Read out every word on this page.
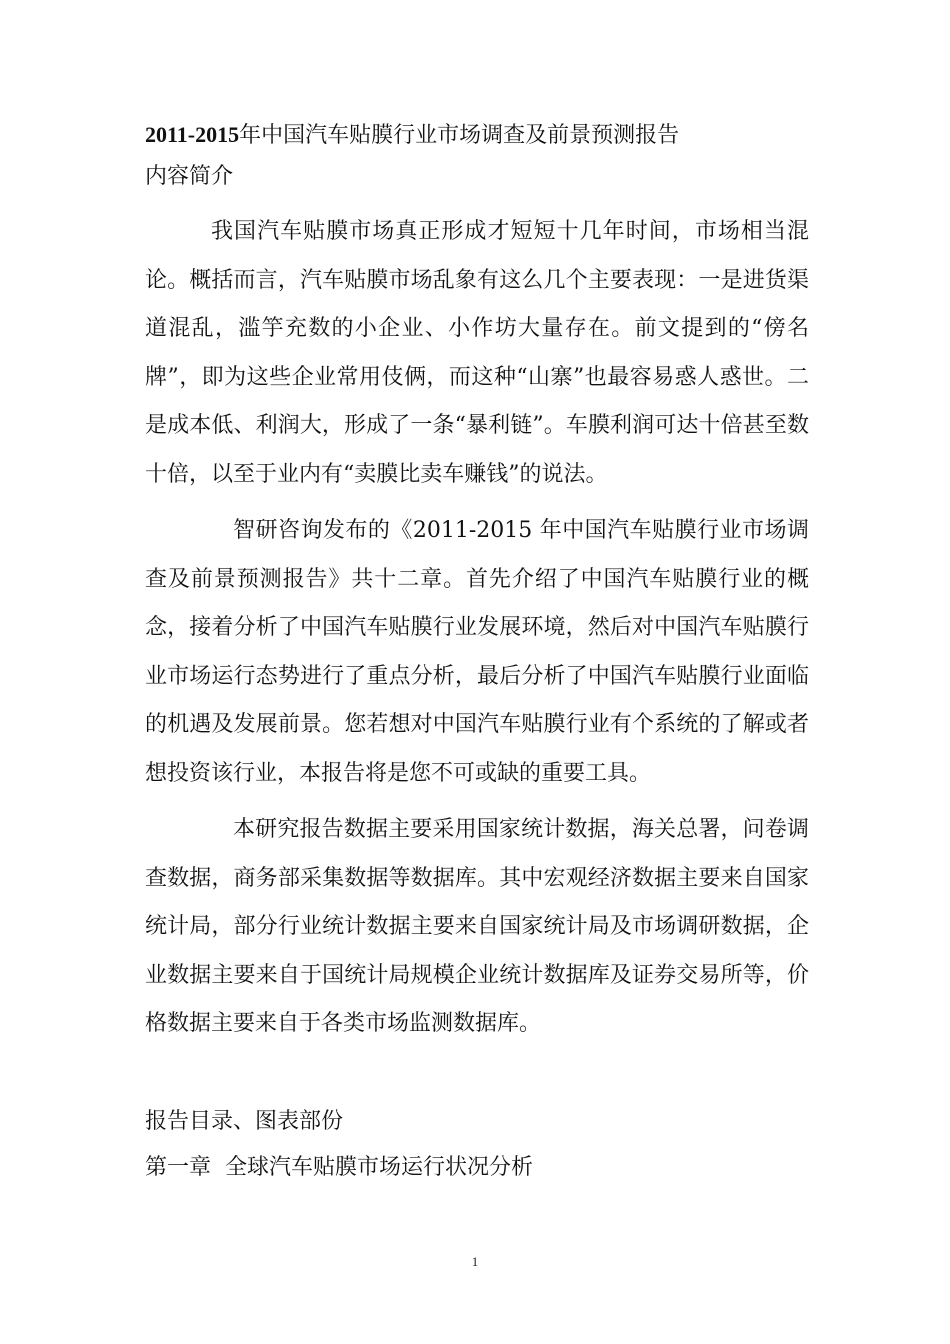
2011-2015年中国汽车贴膜行业市场调查及前景预测报告
内容简介
我国汽车贴膜市场真正形成才短短十几年时间，市场相当混论。概括而言，汽车贴膜市场乱象有这么几个主要表现：一是进货渠道混乱，滥竽充数的小企业、小作坊大量存在。前文提到的“傍名牌”，即为这些企业常用伎俩，而这种“山寨”也最容易惑人惑世。二是成本低、利润大，形成了一条“暴利链”。车膜利润可达十倍甚至数十倍，以至于业内有“卖膜比卖车赚钱”的说法。
智研咨询发布的《2011-2015 年中国汽车贴膜行业市场调查及前景预测报告》共十二章。首先介绍了中国汽车贴膜行业的概念，接着分析了中国汽车贴膜行业发展环境，然后对中国汽车贴膜行业市场运行态势进行了重点分析，最后分析了中国汽车贴膜行业面临的机遇及发展前景。您若想对中国汽车贴膜行业有个系统的了解或者想投资该行业，本报告将是您不可或缺的重要工具。
本研究报告数据主要采用国家统计数据，海关总署，问卷调查数据，商务部采集数据等数据库。其中宏观经济数据主要来自国家统计局，部分行业统计数据主要来自国家统计局及市场调研数据，企业数据主要来自于国统计局规模企业统计数据库及证券交易所等，价格数据主要来自于各类市场监测数据库。
报告目录、图表部份
第一章  全球汽车贴膜市场运行状况分析
1
